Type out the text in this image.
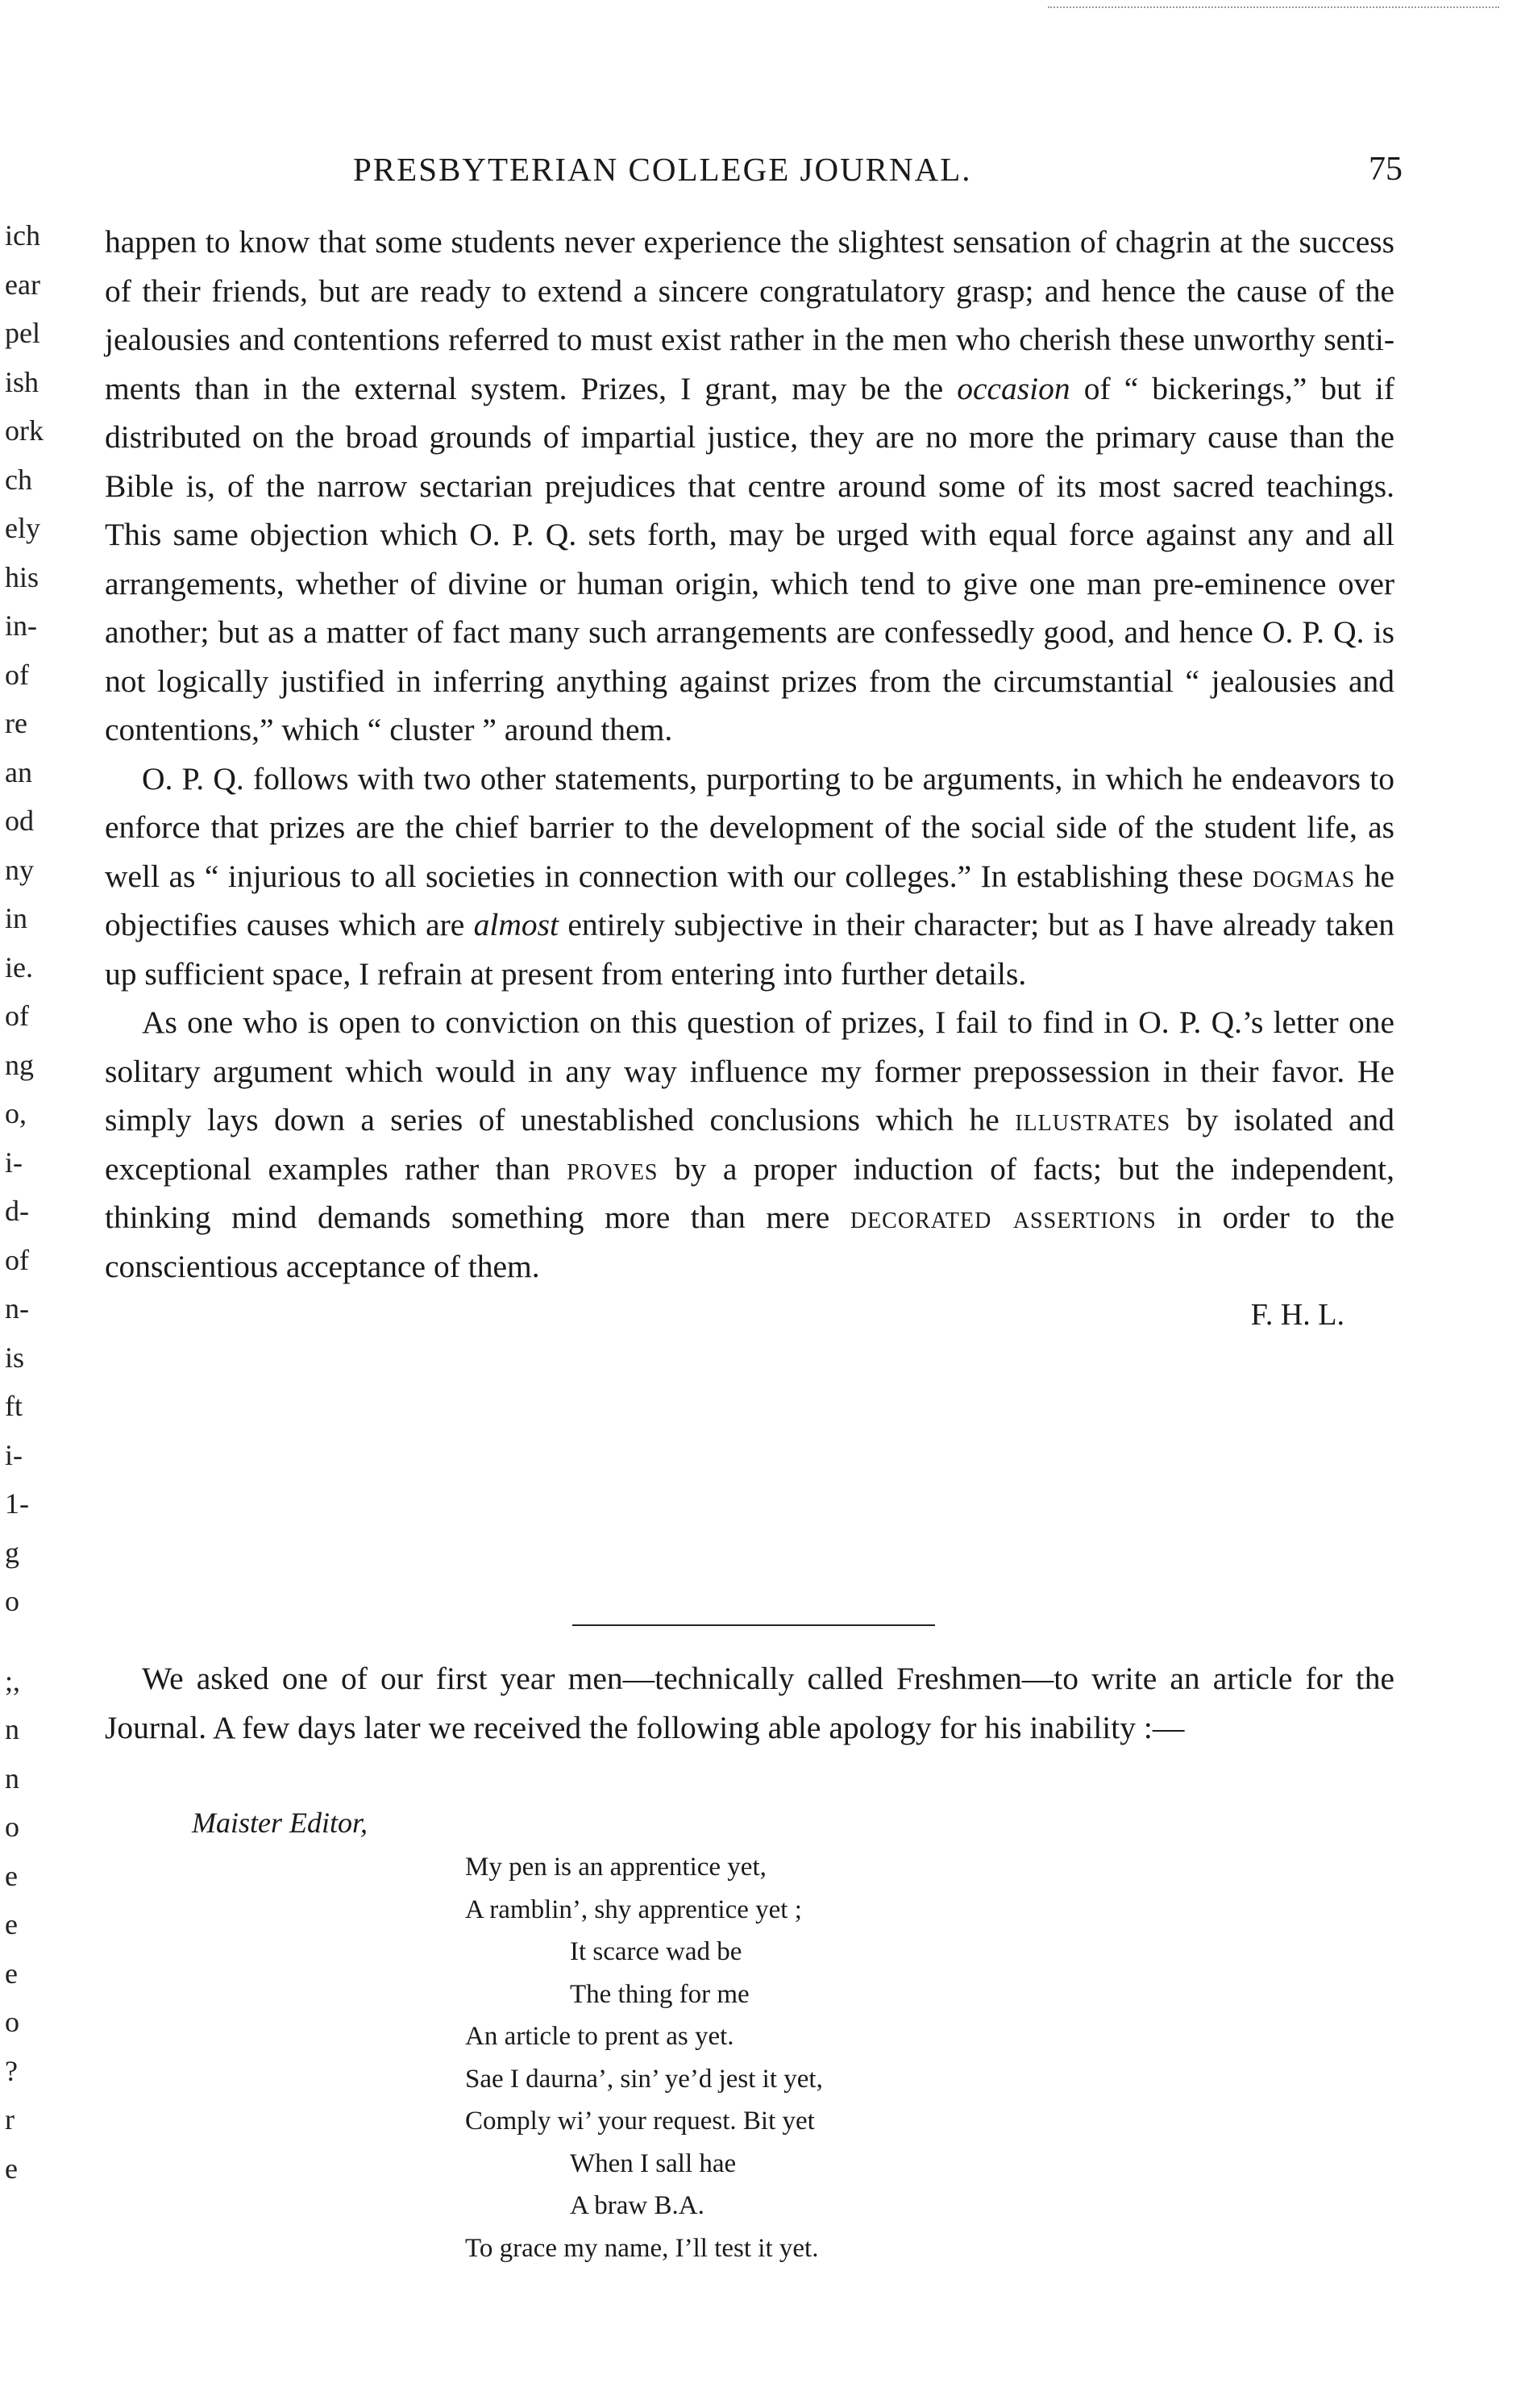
ich
ear
pel
ish
ork
ch
ely
his
in-
of
re
an
od
ny
in
ie.
of
ng
o,
i-
d-
of
n-
is
ft
i-
1-
g
o
;,
n
n
o
e
e
e
o
?
r
e
PRESBYTERIAN COLLEGE JOURNAL.	75

happen to know that some students never experience the slightest sensation of chagrin at the success of their friends, but are ready to extend a sincere congratulatory grasp; and hence the cause of the jealousies and contentions referred to must exist rather in the men who cherish these unworthy sentiments than in the external system. Prizes, I grant, may be the occasion of “ bickerings,” but if distributed on the broad grounds of impartial justice, they are no more the primary cause than the Bible is, of the narrow sectarian prejudices that centre around some of its most sacred teachings. This same objection which O. P. Q. sets forth, may be urged with equal force against any and all arrangements, whether of divine or human origin, which tend to give one man pre-eminence over another; but as a matter of fact many such arrangements are confessedly good, and hence O. P. Q. is not logically justified in inferring anything against prizes from the circumstantial “ jealousies and contentions,” which “ cluster ” around them.

O. P. Q. follows with two other statements, purporting to be arguments, in which he endeavors to enforce that prizes are the chief barrier to the development of the social side of the student life, as well as “ injurious to all societies in connection with our colleges.” In establishing these dogmas he objectifies causes which are almost entirely subjective in their character; but as I have already taken up sufficient space, I refrain at present from entering into further details.

As one who is open to conviction on this question of prizes, I fail to find in O. P. Q.’s letter one solitary argument which would in any way influence my former prepossession in their favor. He simply lays down a series of unestablished conclusions which he illustrates by isolated and exceptional examples rather than proves by a proper induction of facts; but the independent, thinking mind demands something more than mere decorated assertions in order to the conscientious acceptance of them.

F. H. L.

We asked one of our first year men—technically called Freshmen—to write an article for the Journal. A few days later we received the following able apology for his inability :—

Maister Editor,
My pen is an apprentice yet,
A ramblin’, shy apprentice yet ;
It scarce wad be
The thing for me
An article to prent as yet.
Sae I daurna’, sin’ ye’d jest it yet,
Comply wi’ your request. Bit yet
When I sall hae
A braw B.A.
To grace my name, I’ll test it yet.
